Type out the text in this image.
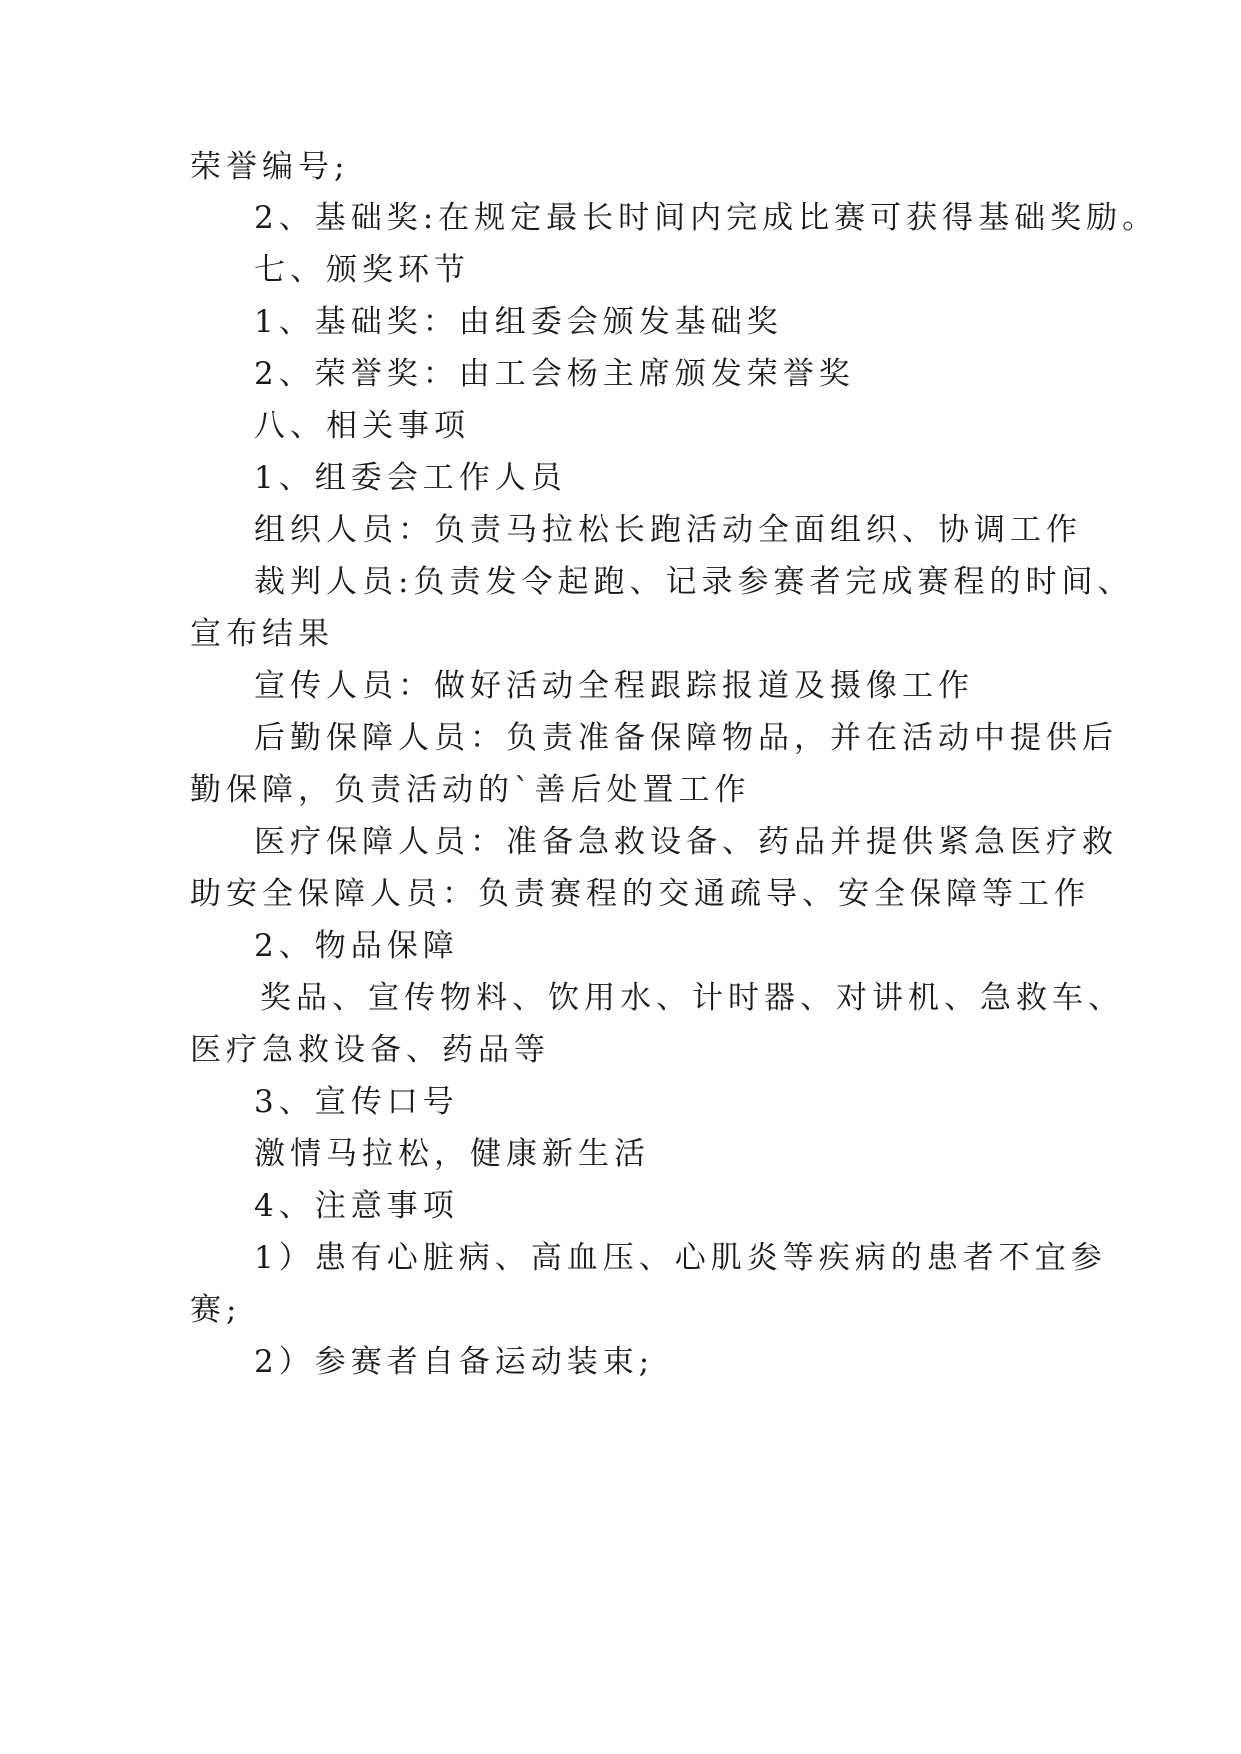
荣誉编号;
2、基础奖:在规定最长时间内完成比赛可获得基础奖励。
七、颁奖环节
1、基础奖：由组委会颁发基础奖
2、荣誉奖：由工会杨主席颁发荣誉奖
八、相关事项
1、组委会工作人员
组织人员：负责马拉松长跑活动全面组织、协调工作
裁判人员:负责发令起跑、记录参赛者完成赛程的时间、
宣布结果
宣传人员：做好活动全程跟踪报道及摄像工作
后勤保障人员：负责准备保障物品，并在活动中提供后
勤保障，负责活动的`善后处置工作
医疗保障人员：准备急救设备、药品并提供紧急医疗救
助安全保障人员：负责赛程的交通疏导、安全保障等工作
2、物品保障
奖品、宣传物料、饮用水、计时器、对讲机、急救车、
医疗急救设备、药品等
3、宣传口号
激情马拉松，健康新生活
4、注意事项
1）患有心脏病、高血压、心肌炎等疾病的患者不宜参
赛;
2）参赛者自备运动装束;
